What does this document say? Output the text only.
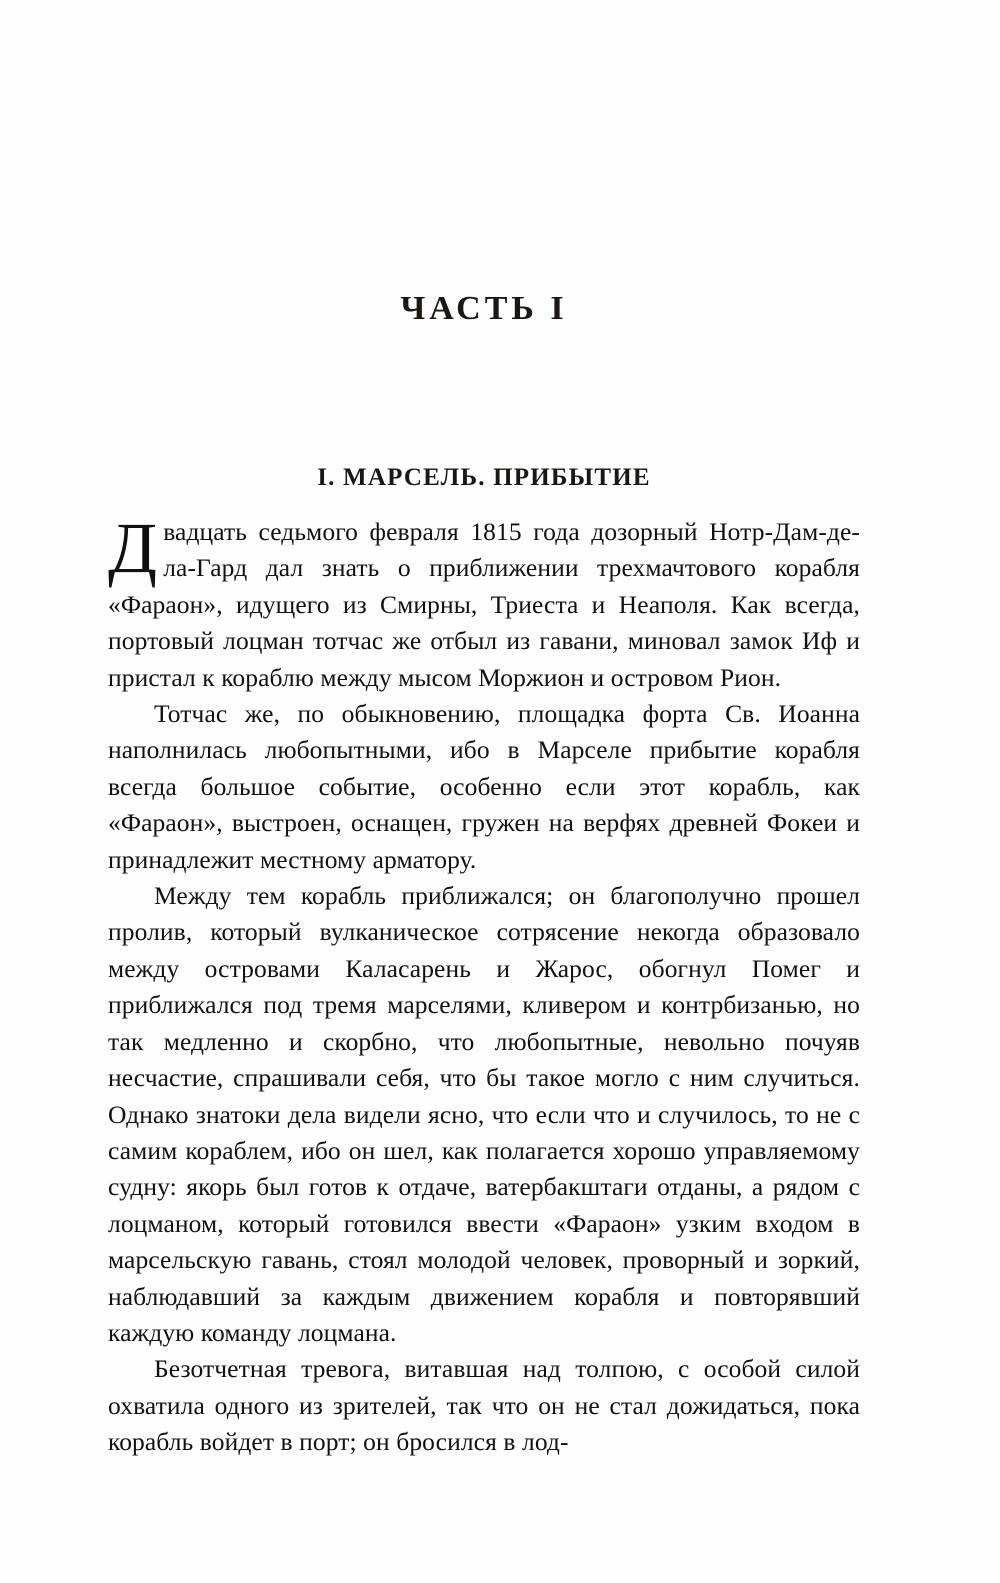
ЧАСТЬ I
I. МАРСЕЛЬ. ПРИБЫТИЕ

Двадцать седьмого февраля 1815 года дозорный Нотр-Дам-де-ла-Гард дал знать о приближении трехмачтового корабля «Фараон», идущего из Смирны, Триеста и Неаполя. Как всегда, портовый лоцман тотчас же отбыл из гавани, миновал замок Иф и пристал к кораблю между мысом Моржион и островом Рион.

Тотчас же, по обыкновению, площадка форта Св. Иоанна наполнилась любопытными, ибо в Марселе прибытие корабля всегда большое событие, особенно если этот корабль, как «Фараон», выстроен, оснащен, гружен на верфях древней Фокеи и принадлежит местному арматору.

Между тем корабль приближался; он благополучно прошел пролив, который вулканическое сотрясение некогда образовало между островами Каласарень и Жарос, обогнул Помег и приближался под тремя марселями, кливером и контрбизанью, но так медленно и скорбно, что любопытные, невольно почуяв несчастие, спрашивали себя, что бы такое могло с ним случиться. Однако знатоки дела видели ясно, что если что и случилось, то не с самим кораблем, ибо он шел, как полагается хорошо управляемому судну: якорь был готов к отдаче, ватербакштаги отданы, а рядом с лоцманом, который готовился ввести «Фараон» узким входом в марсельскую гавань, стоял молодой человек, проворный и зоркий, наблюдавший за каждым движением корабля и повторявший каждую команду лоцмана.

Безотчетная тревога, витавшая над толпою, с особой силой охватила одного из зрителей, так что он не стал дожидаться, пока корабль войдет в порт; он бросился в лод-
